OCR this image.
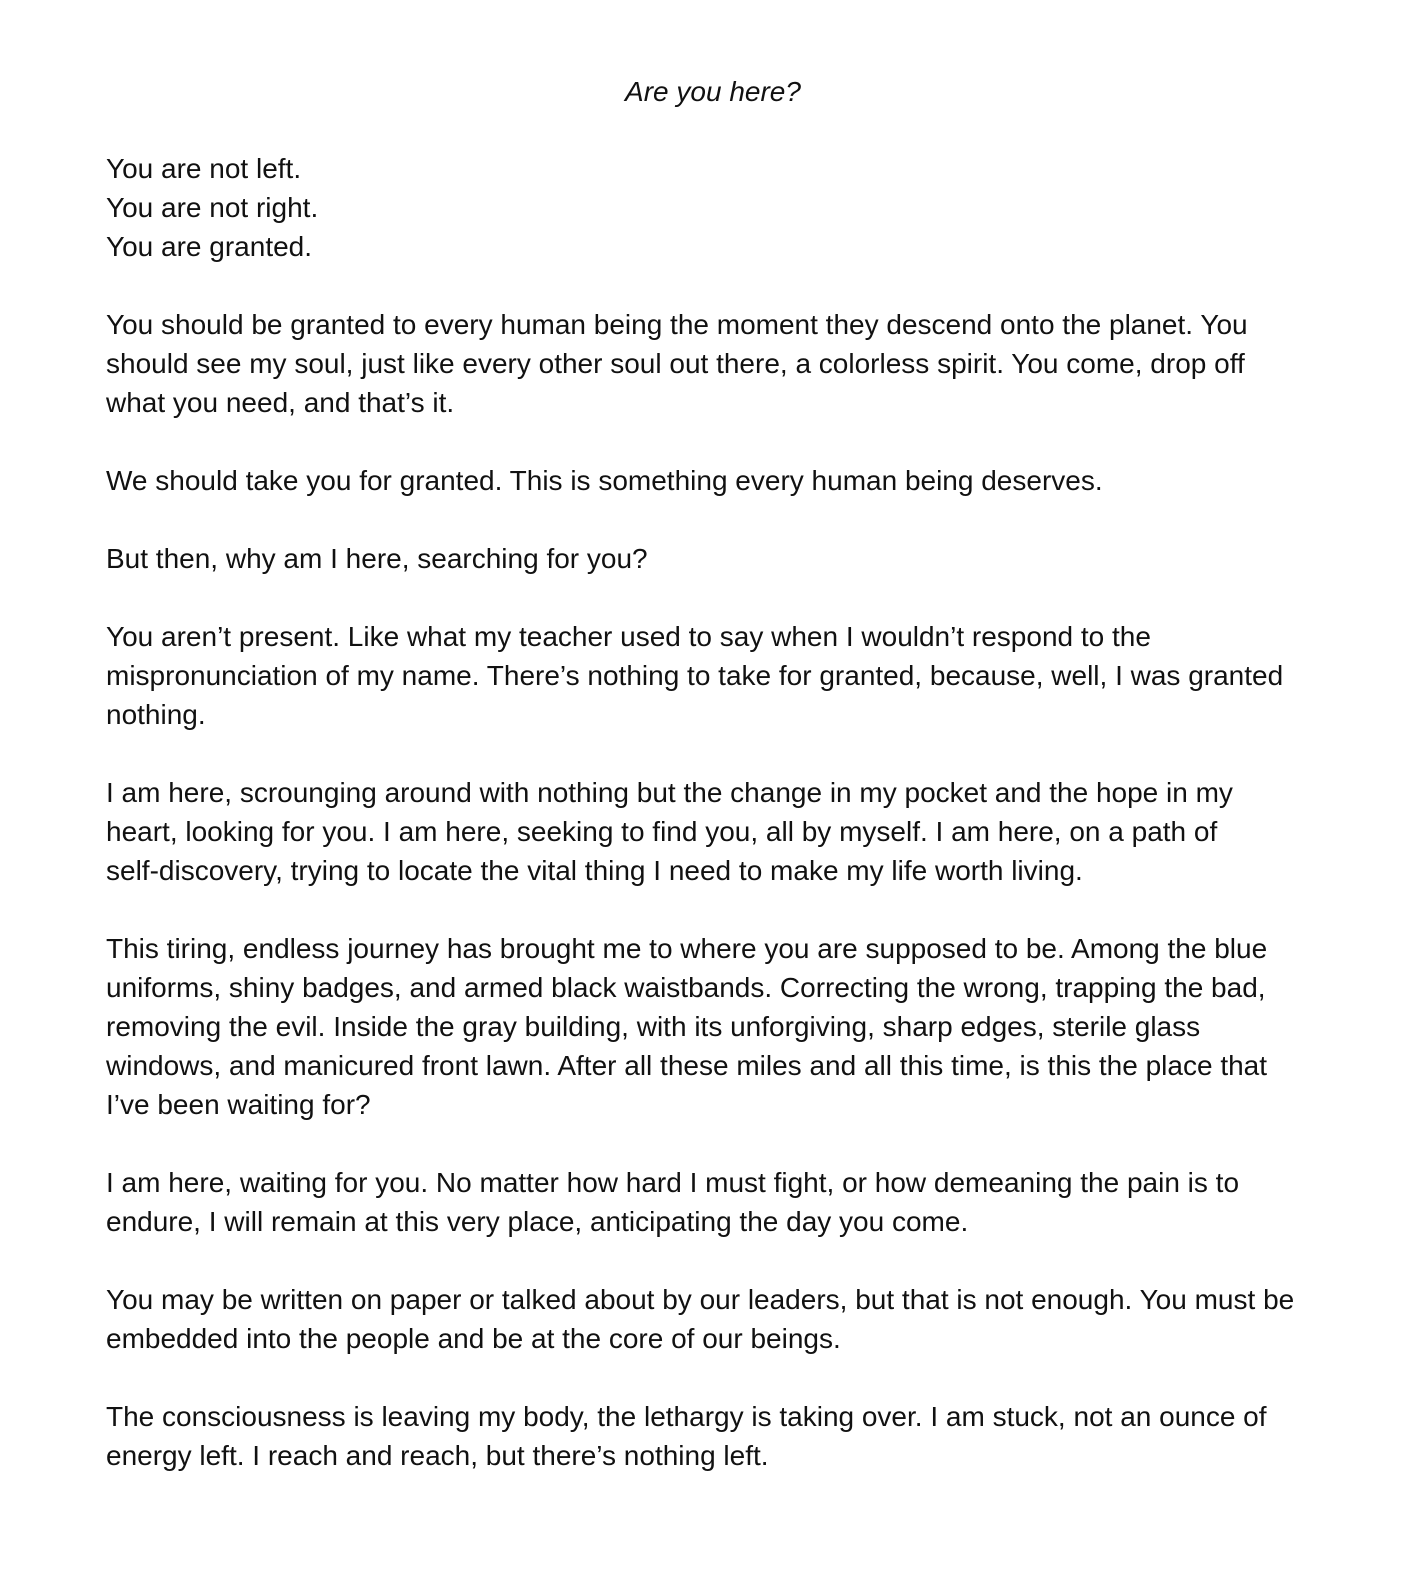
Are you here?

You are not left.
You are not right.
You are granted.

You should be granted to every human being the moment they descend onto the planet. You
should see my soul, just like every other soul out there, a colorless spirit. You come, drop off
what you need, and that’s it.

We should take you for granted. This is something every human being deserves.

But then, why am I here, searching for you?

You aren’t present. Like what my teacher used to say when I wouldn’t respond to the
mispronunciation of my name. There’s nothing to take for granted, because, well, I was granted
nothing.

I am here, scrounging around with nothing but the change in my pocket and the hope in my
heart, looking for you. I am here, seeking to find you, all by myself. I am here, on a path of
self-discovery, trying to locate the vital thing I need to make my life worth living.

This tiring, endless journey has brought me to where you are supposed to be. Among the blue
uniforms, shiny badges, and armed black waistbands. Correcting the wrong, trapping the bad,
removing the evil. Inside the gray building, with its unforgiving, sharp edges, sterile glass
windows, and manicured front lawn. After all these miles and all this time, is this the place that
I’ve been waiting for?

I am here, waiting for you. No matter how hard I must fight, or how demeaning the pain is to
endure, I will remain at this very place, anticipating the day you come.

You may be written on paper or talked about by our leaders, but that is not enough. You must be
embedded into the people and be at the core of our beings.

The consciousness is leaving my body, the lethargy is taking over. I am stuck, not an ounce of
energy left. I reach and reach, but there’s nothing left.
